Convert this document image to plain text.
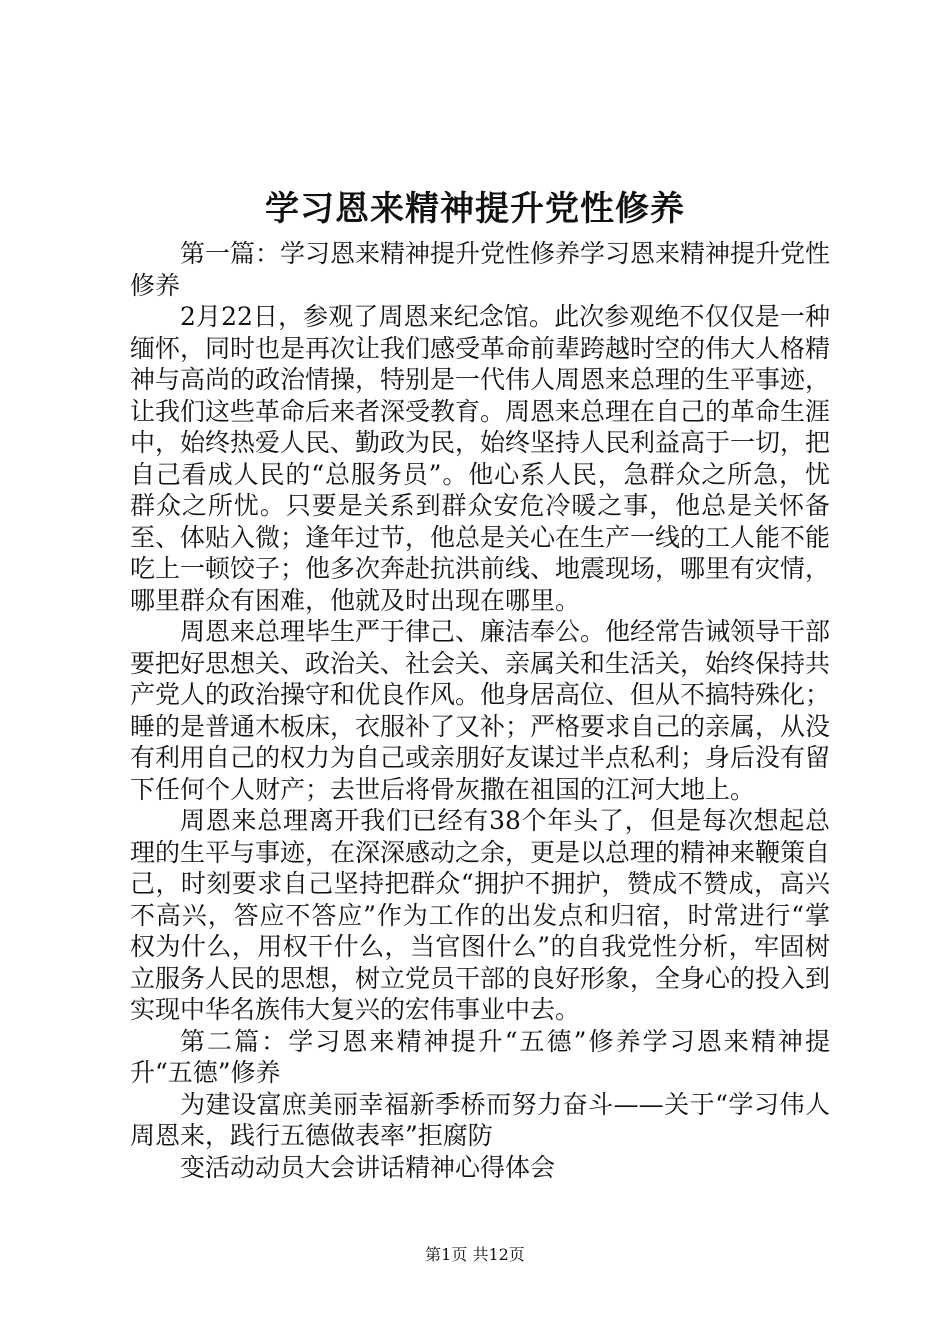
学习恩来精神提升党性修养

第一篇：学习恩来精神提升党性修养学习恩来精神提升党性修养

2月22日，参观了周恩来纪念馆。此次参观绝不仅仅是一种缅怀，同时也是再次让我们感受革命前辈跨越时空的伟大人格精神与高尚的政治情操，特别是一代伟人周恩来总理的生平事迹，让我们这些革命后来者深受教育。周恩来总理在自己的革命生涯中，始终热爱人民、勤政为民，始终坚持人民利益高于一切，把自己看成人民的“总服务员”。他心系人民，急群众之所急，忧群众之所忧。只要是关系到群众安危冷暖之事，他总是关怀备至、体贴入微；逢年过节，他总是关心在生产一线的工人能不能吃上一顿饺子；他多次奔赴抗洪前线、地震现场，哪里有灾情，哪里群众有困难，他就及时出现在哪里。

周恩来总理毕生严于律己、廉洁奉公。他经常告诫领导干部要把好思想关、政治关、社会关、亲属关和生活关，始终保持共产党人的政治操守和优良作风。他身居高位、但从不搞特殊化；睡的是普通木板床，衣服补了又补；严格要求自己的亲属，从没有利用自己的权力为自己或亲朋好友谋过半点私利；身后没有留下任何个人财产；去世后将骨灰撒在祖国的江河大地上。

周恩来总理离开我们已经有38个年头了，但是每次想起总理的生平与事迹，在深深感动之余，更是以总理的精神来鞭策自己，时刻要求自己坚持把群众“拥护不拥护，赞成不赞成，高兴不高兴，答应不答应”作为工作的出发点和归宿，时常进行“掌权为什么，用权干什么，当官图什么”的自我党性分析，牢固树立服务人民的思想，树立党员干部的良好形象，全身心的投入到实现中华名族伟大复兴的宏伟事业中去。

第二篇：学习恩来精神提升“五德”修养学习恩来精神提升“五德”修养

为建设富庶美丽幸福新季桥而努力奋斗——关于“学习伟人周恩来，践行五德做表率”拒腐防

变活动动员大会讲话精神心得体会

第1页 共12页
